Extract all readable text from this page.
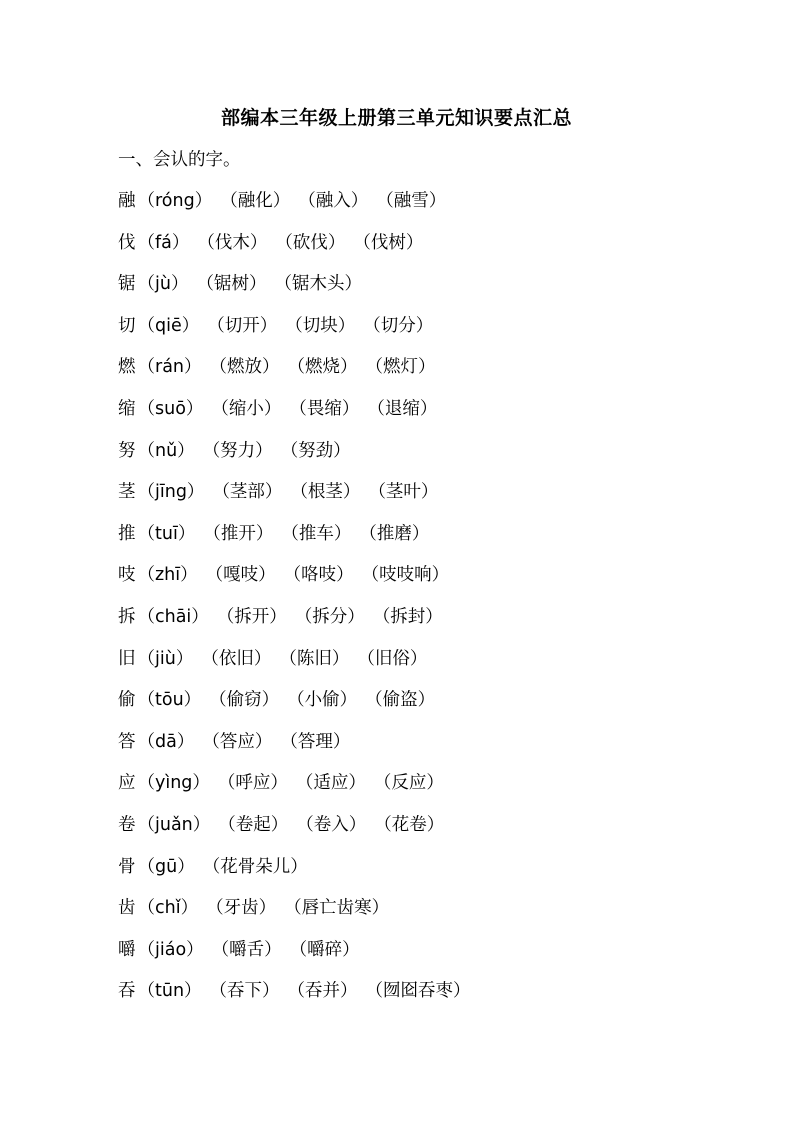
部编本三年级上册第三单元知识要点汇总
一、会认的字。
融 （róng） （融化） （融入） （融雪）
伐 （fá） （伐木） （砍伐） （伐树）
锯 （jù） （锯树） （锯木头）
切 （qiē） （切开） （切块） （切分）
燃 （rán） （燃放） （燃烧） （燃灯）
缩 （suō） （缩小） （畏缩） （退缩）
努 （nǔ） （努力） （努劲）
茎 （jīng） （茎部） （根茎） （茎叶）
推 （tuī） （推开） （推车） （推磨）
吱 （zhī） （嘎吱） （咯吱） （吱吱响）
拆 （chāi） （拆开） （拆分） （拆封）
旧 （jiù） （依旧） （陈旧） （旧俗）
偷 （tōu） （偷窃） （小偷） （偷盗）
答 （dā） （答应） （答理）
应 （yìng） （呼应） （适应） （反应）
卷 （juǎn） （卷起） （卷入） （花卷）
骨 （gū） （花骨朵儿）
齿 （chǐ） （牙齿） （唇亡齿寒）
嚼 （jiáo） （嚼舌） （嚼碎）
吞 （tūn） （吞下） （吞并） （囫囵吞枣）
